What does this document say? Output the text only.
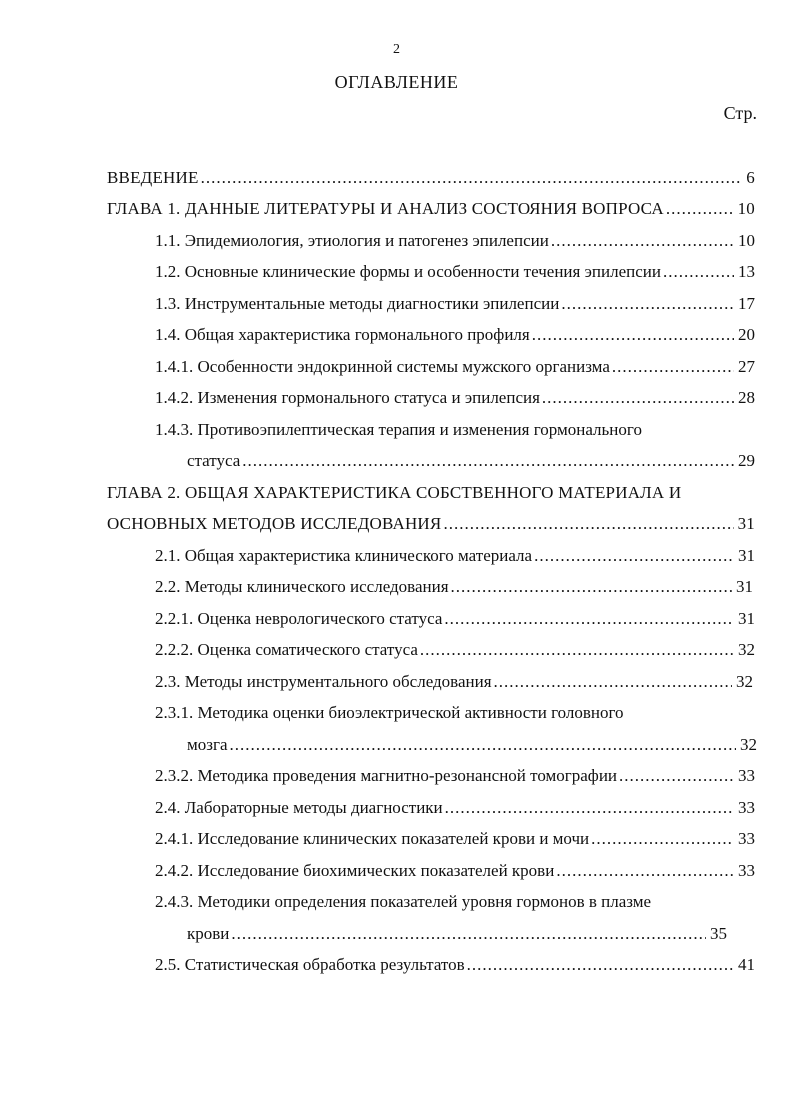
2
ОГЛАВЛЕНИЕ
Стр.
ВВЕДЕНИЕ .....	6
ГЛАВА 1. ДАННЫЕ ЛИТЕРАТУРЫ И АНАЛИЗ СОСТОЯНИЯ ВОПРОСА .....	10
1.1. Эпидемиология, этиология и патогенез эпилепсии .....	10
1.2. Основные клинические формы и особенности течения эпилепсии .....	13
1.3. Инструментальные методы диагностики эпилепсии .....	17
1.4. Общая характеристика гормонального профиля .....	20
1.4.1. Особенности эндокринной системы мужского организма .....	27
1.4.2. Изменения гормонального статуса и эпилепсия .....	28
1.4.3. Противоэпилептическая терапия и изменения гормонального
статуса .....	29
ГЛАВА 2. ОБЩАЯ ХАРАКТЕРИСТИКА СОБСТВЕННОГО МАТЕРИАЛА И
ОСНОВНЫХ МЕТОДОВ ИССЛЕДОВАНИЯ .....	31
2.1. Общая характеристика клинического материала .....	31
2.2. Методы клинического исследования .....	31
2.2.1. Оценка неврологического статуса .....	31
2.2.2. Оценка соматического статуса .....	32
2.3. Методы инструментального обследования .....	32
2.3.1. Методика оценки биоэлектрической активности головного
мозга .....	32
2.3.2. Методика проведения магнитно-резонансной томографии .....	33
2.4. Лабораторные методы диагностики .....	33
2.4.1. Исследование клинических показателей крови и мочи .....	33
2.4.2. Исследование биохимических показателей крови .....	33
2.4.3. Методики определения показателей уровня гормонов в плазме
крови .....	35
2.5. Статистическая обработка результатов .....	41
